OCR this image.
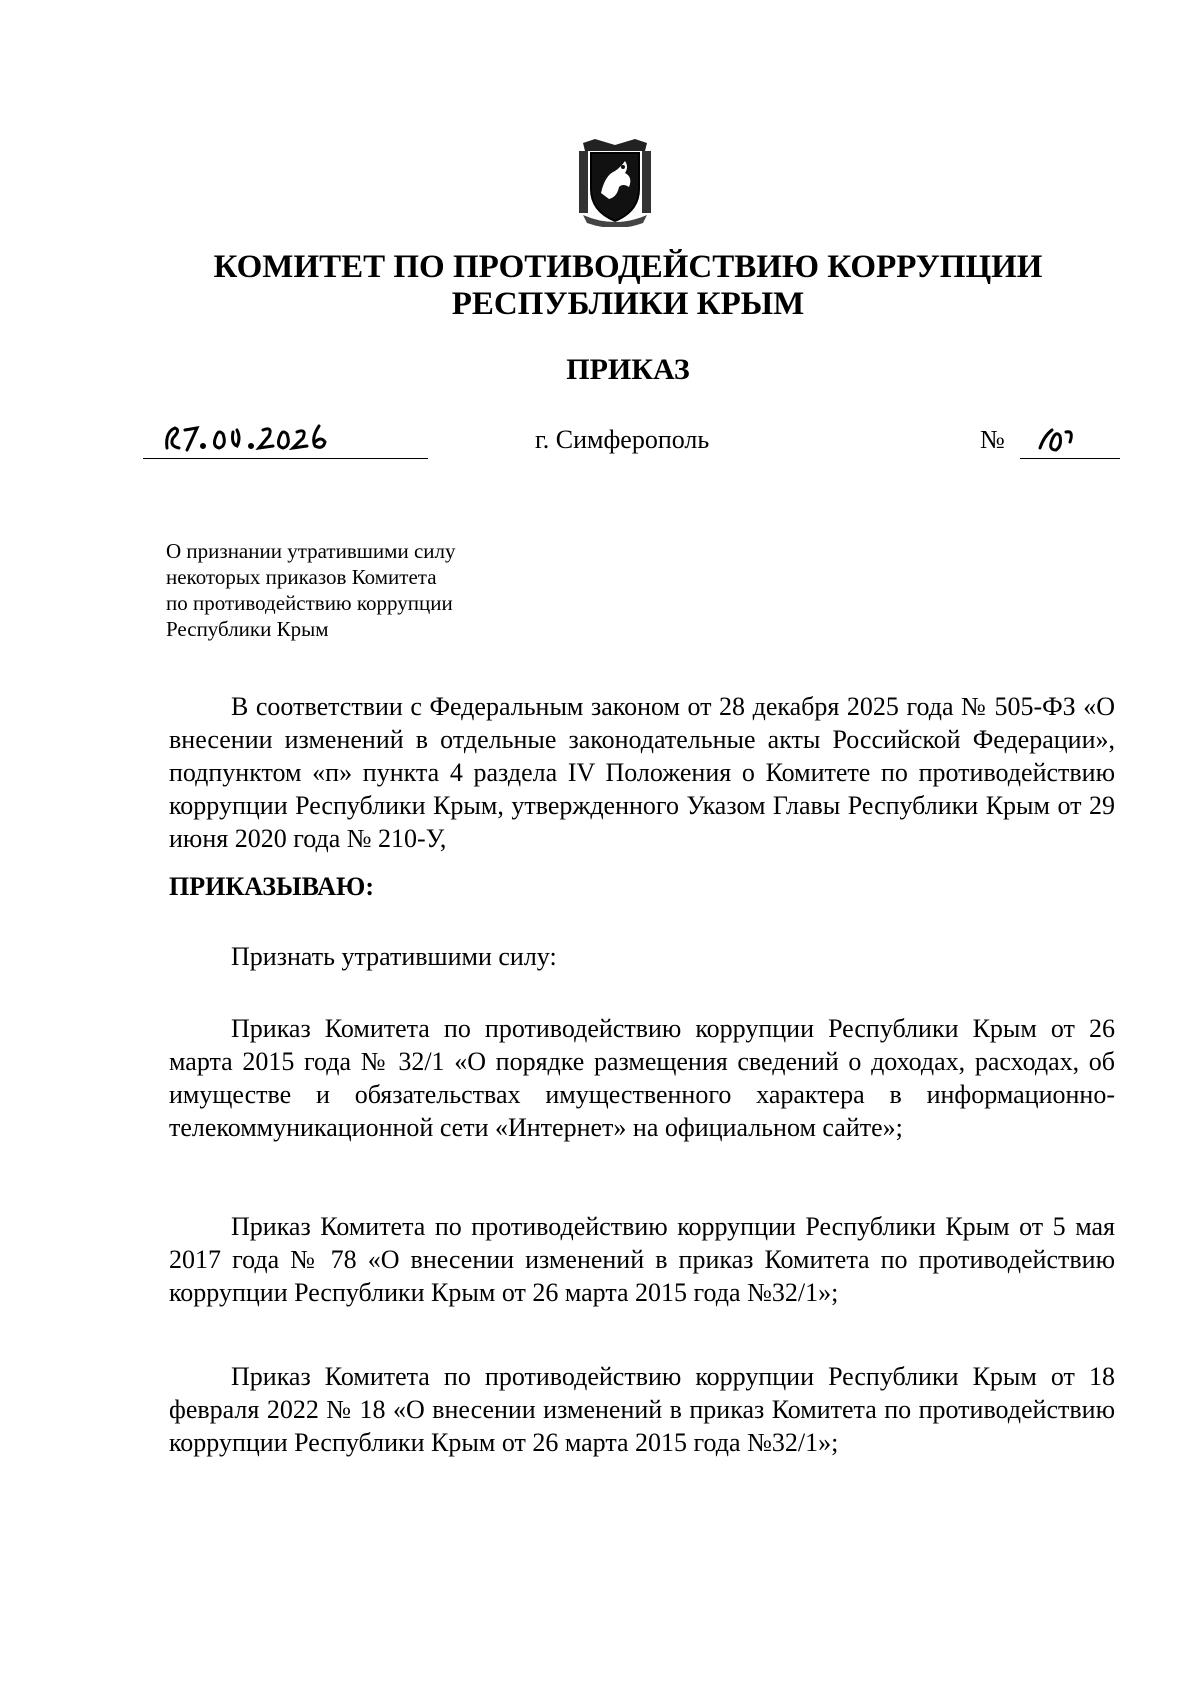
КОМИТЕТ ПО ПРОТИВОДЕЙСТВИЮ КОРРУПЦИИ
РЕСПУБЛИКИ КРЫМ
ПРИКАЗ
г. Симферополь	№
О признании утратившими силу
некоторых приказов Комитета
по противодействию коррупции
Республики Крым
В соответствии с Федеральным законом от 28 декабря 2025 года № 505-ФЗ «О внесении изменений в отдельные законодательные акты Российской Федерации», подпунктом «п» пункта 4 раздела IV Положения о Комитете по противодействию коррупции Республики Крым, утвержденного Указом Главы Республики Крым от 29 июня 2020 года № 210-У,
ПРИКАЗЫВАЮ:
Признать утратившими силу:
Приказ Комитета по противодействию коррупции Республики Крым от 26 марта 2015 года № 32/1 «О порядке размещения сведений о доходах, расходах, об имуществе и обязательствах имущественного характера в информационно-телекоммуникационной сети «Интернет» на официальном сайте»;
Приказ Комитета по противодействию коррупции Республики Крым от 5 мая 2017 года № 78 «О внесении изменений в приказ Комитета по противодействию коррупции Республики Крым от 26 марта 2015 года №32/1»;
Приказ Комитета по противодействию коррупции Республики Крым от 18 февраля 2022 № 18 «О внесении изменений в приказ Комитета по противодействию коррупции Республики Крым от 26 марта 2015 года №32/1»;
